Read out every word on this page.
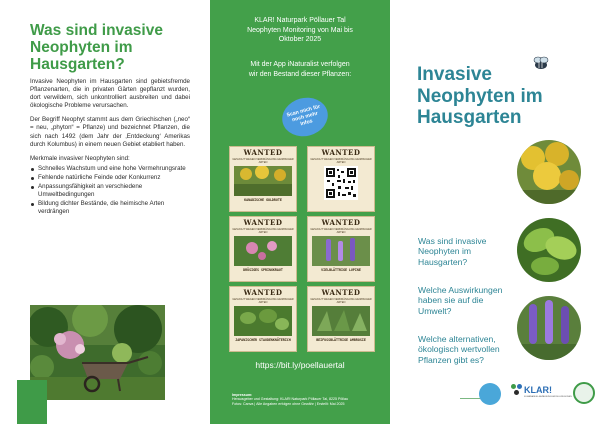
Was sind invasive Neophyten im Hausgarten?

Invasive Neophyten im Hausgarten sind gebietsfremde Pflanzenarten, die in privaten Gärten gepflanzt wurden, dort verwildern, sich unkontrolliert ausbreiten und dabei ökologische Probleme verursachen.

Der Begriff Neophyt stammt aus dem Griechischen („neo“ = neu, „phyton“ = Pflanze) und bezeichnet Pflanzen, die sich nach 1492 (dem Jahr der ‚Entdeckung‘ Amerikas durch Kolumbus) in einem neuen Gebiet etabliert haben.

Merkmale invasiver Neophyten sind:

Schnelles Wachstum und eine hohe Vermehrungsrate
Fehlende natürliche Feinde oder Konkurrenz
Anpassungsfähigkeit an verschiedene Umweltbedingungen
Bildung dichter Bestände, die heimische Arten verdrängen
KLAR! Naturpark Pöllauer Tal Neophyten Monitoring von Mai bis Oktober 2025
Mit der App iNaturalist verfolgen wir den Bestand dieser Pflanzen:
Scan mich für noch mehr Infos
WANTED
GESUCHT WEGEN VERDRÄNGUNG HEIMISCHER ARTEN
KANADISCHE GOLDRUTE
WANTED
GESUCHT WEGEN VERDRÄNGUNG HEIMISCHER ARTEN
WANTED
GESUCHT WEGEN VERDRÄNGUNG HEIMISCHER ARTEN
DRÜSIGES SPRINGKRAUT
WANTED
GESUCHT WEGEN VERDRÄNGUNG HEIMISCHER ARTEN
VIELBLÄTTRIGE LUPINE
WANTED
GESUCHT WEGEN VERDRÄNGUNG HEIMISCHER ARTEN
JAPANISCHER STAUDENKNÖTERICH
WANTED
GESUCHT WEGEN VERDRÄNGUNG HEIMISCHER ARTEN
BEIFUSSBLÄTTRIGE AMBROSIE
https://bit.ly/poellauertal
Impressum:
Herausgeber und Gestaltung: KLAR! Naturpark Pöllauer Tal, 8225 Pöllau
Fotos: Canva | Alle Angaben erfolgen ohne Gewähr | Erstellt: Mai 2025
Invasive Neophyten im Hausgarten
Was sind invasive Neophyten im Hausgarten?
Welche Auswirkungen haben sie auf die Umwelt?
Welche alternativen, ökologisch wertvollen Pflanzen gibt es?
KLAR!
KLIMAWANDEL-ANPASSUNGSMODELLREGIONEN
